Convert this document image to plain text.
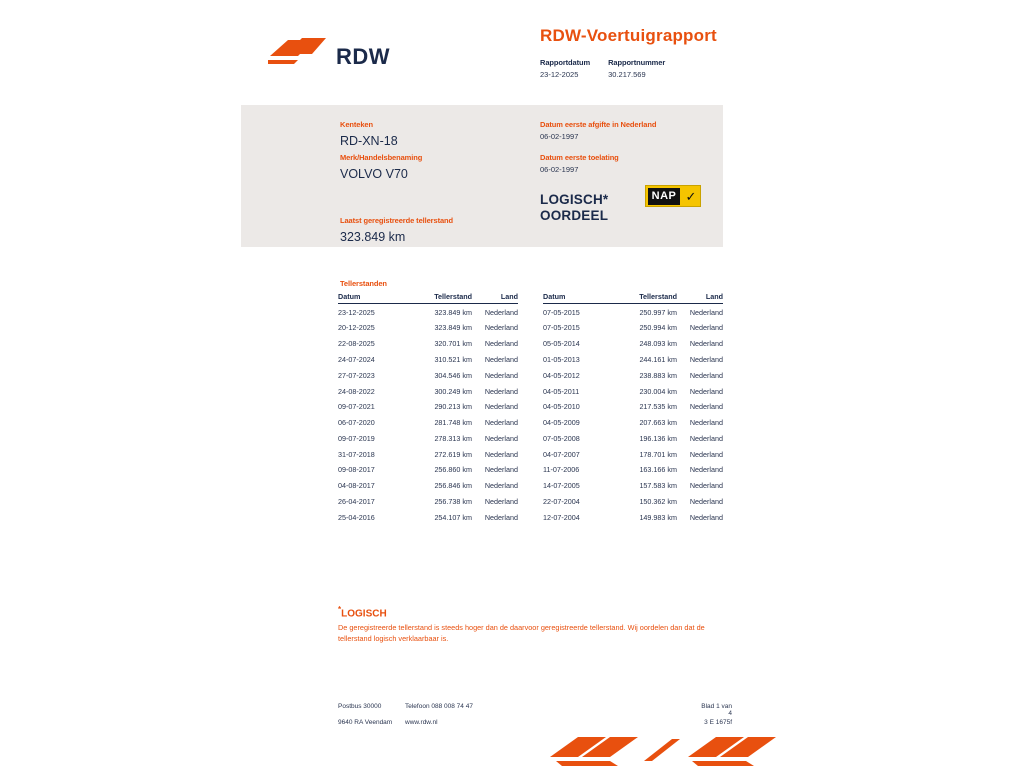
RDW
RDW-Voertuigrapport
Rapportdatum
23-12-2025

Rapportnummer
30.217.569
Kenteken
RD-XN-18
Merk/Handelsbenaming
VOLVO V70
Laatst geregistreerde tellerstand
323.849 km
Datum eerste afgifte in Nederland
06-02-1997
Datum eerste toelating
06-02-1997
LOGISCH*
OORDEEL
NAP ✓
Tellerstanden
Datum	Tellerstand	Land
23-12-2025	323.849 km	Nederland
20-12-2025	323.849 km	Nederland
22-08-2025	320.701 km	Nederland
24-07-2024	310.521 km	Nederland
27-07-2023	304.546 km	Nederland
24-08-2022	300.249 km	Nederland
09-07-2021	290.213 km	Nederland
06-07-2020	281.748 km	Nederland
09-07-2019	278.313 km	Nederland
31-07-2018	272.619 km	Nederland
09-08-2017	256.860 km	Nederland
04-08-2017	256.846 km	Nederland
26-04-2017	256.738 km	Nederland
25-04-2016	254.107 km	Nederland
Datum	Tellerstand	Land
07-05-2015	250.997 km	Nederland
07-05-2015	250.994 km	Nederland
05-05-2014	248.093 km	Nederland
01-05-2013	244.161 km	Nederland
04-05-2012	238.883 km	Nederland
04-05-2011	230.004 km	Nederland
04-05-2010	217.535 km	Nederland
04-05-2009	207.663 km	Nederland
07-05-2008	196.136 km	Nederland
04-07-2007	178.701 km	Nederland
11-07-2006	163.166 km	Nederland
14-07-2005	157.583 km	Nederland
22-07-2004	150.362 km	Nederland
12-07-2004	149.983 km	Nederland
*LOGISCH
De geregistreerde tellerstand is steeds hoger dan de daarvoor geregistreerde tellerstand. Wij oordelen dan dat de tellerstand logisch verklaarbaar is.
Postbus 30000	Telefoon 088 008 74 47	Blad 1 van 4
9640 RA Veendam www.rdw.nl	3 E 1675f
